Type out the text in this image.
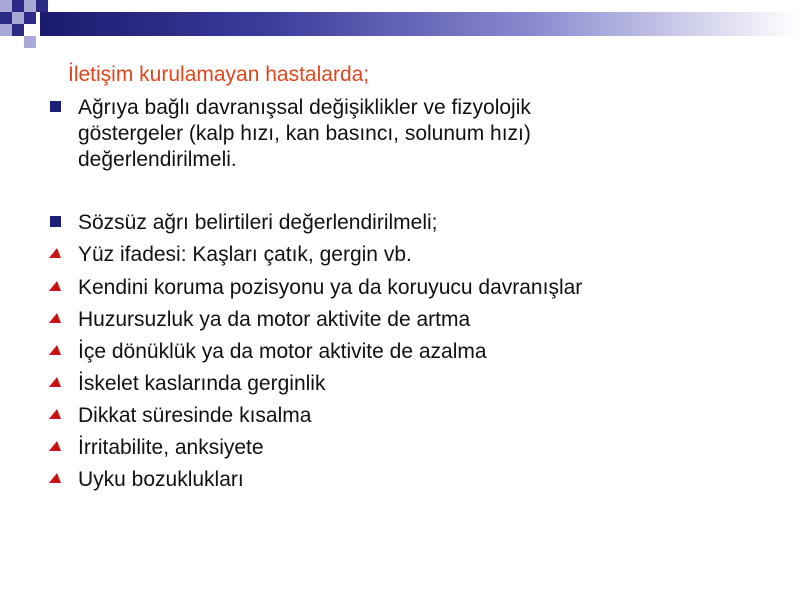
İletişim kurulamayan hastalarda;
Ağrıya bağlı davranışsal değişiklikler ve fizyolojik
göstergeler (kalp hızı, kan basıncı, solunum hızı)
değerlendirilmeli.
Sözsüz ağrı belirtileri değerlendirilmeli;
Yüz ifadesi: Kaşları çatık, gergin vb.
Kendini koruma pozisyonu ya da koruyucu davranışlar
Huzursuzluk ya da motor aktivite de artma
İçe dönüklük ya da motor aktivite de azalma
İskelet kaslarında gerginlik
Dikkat süresinde kısalma
İrritabilite, anksiyete
Uyku bozuklukları
